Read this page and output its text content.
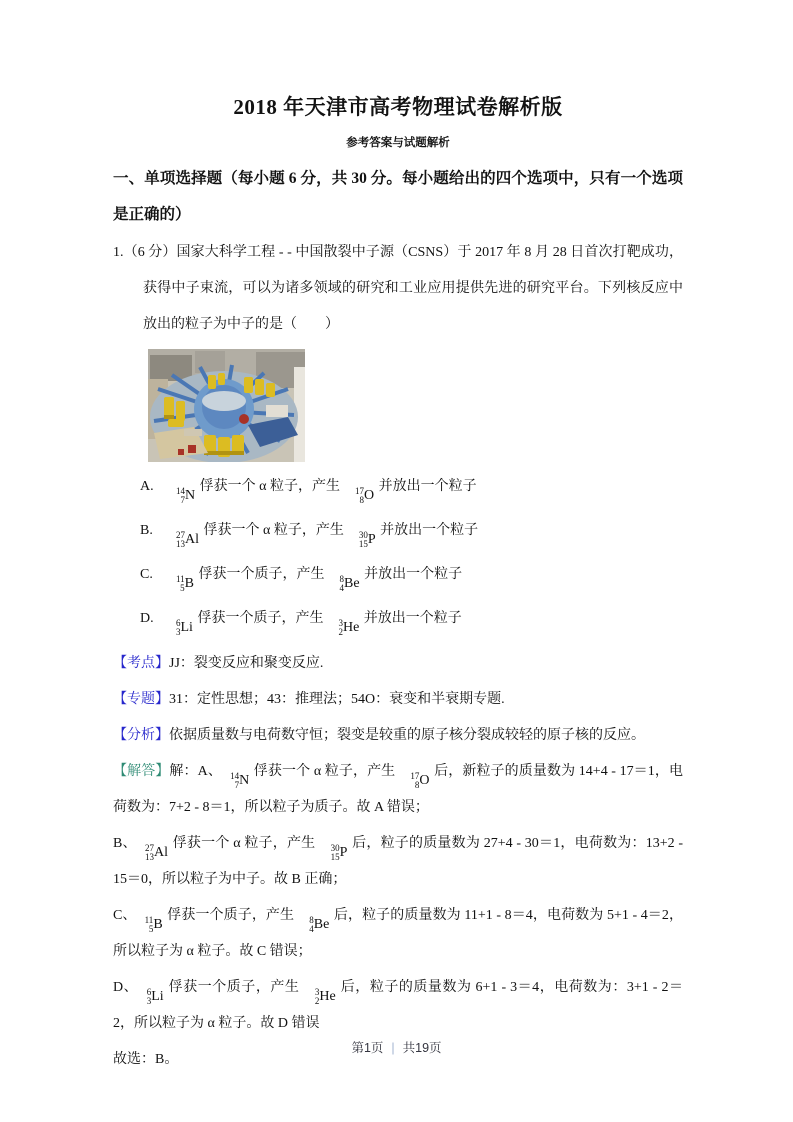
2018 年天津市高考物理试卷解析版
参考答案与试题解析
一、单项选择题（每小题 6 分，共 30 分。每小题给出的四个选项中，只有一个选项是正确的）
1.（6 分）国家大科学工程 - - 中国散裂中子源（CSNS）于 2017 年 8 月 28 日首次打靶成功，获得中子束流，可以为诸多领域的研究和工业应用提供先进的研究平台。下列核反应中放出的粒子为中子的是（　　）
A.	14
7 N
俘获一个 α 粒子，产生　 17
8 O
并放出一个粒子
B.	27
13 Al
俘获一个 α 粒子，产生　 30
15 P
并放出一个粒子
C.	11
5 B
俘获一个质子，产生　 8
4 Be
并放出一个粒子
D.	6
3 Li
俘获一个质子，产生　 3
2 He
并放出一个粒子
【考点】JJ：裂变反应和聚变反应.
【专题】31：定性思想；43：推理法；54O：衰变和半衰期专题.
【分析】依据质量数与电荷数守恒；裂变是较重的原子核分裂成较轻的原子核的反应。
【解答】解：A、　 14
7 N
俘获一个 α 粒子，产生　 17
8 O
后，新粒子的质量数为 14+4 - 17＝1，电荷数为：7+2 - 8＝1，所以粒子为质子。故 A 错误；
B、　 27
13 Al
俘获一个 α 粒子，产生　 30
15 P
后，粒子的质量数为 27+4 - 30＝1，电荷数为：13+2 - 15＝0，所以粒子为中子。故 B 正确；
C、　 11
5 B
俘获一个质子，产生　 8
4 Be
后，粒子的质量数为 11+1 - 8＝4，电荷数为 5+1 - 4＝2，所以粒子为 α 粒子。故 C 错误；
D、　 6
3 Li
俘获一个质子，产生　 3
2 He
后，粒子的质量数为 6+1 - 3＝4，电荷数为：3+1 - 2＝2，所以粒子为 α 粒子。故 D 错误
故选：B。
第1页 | 共19页
